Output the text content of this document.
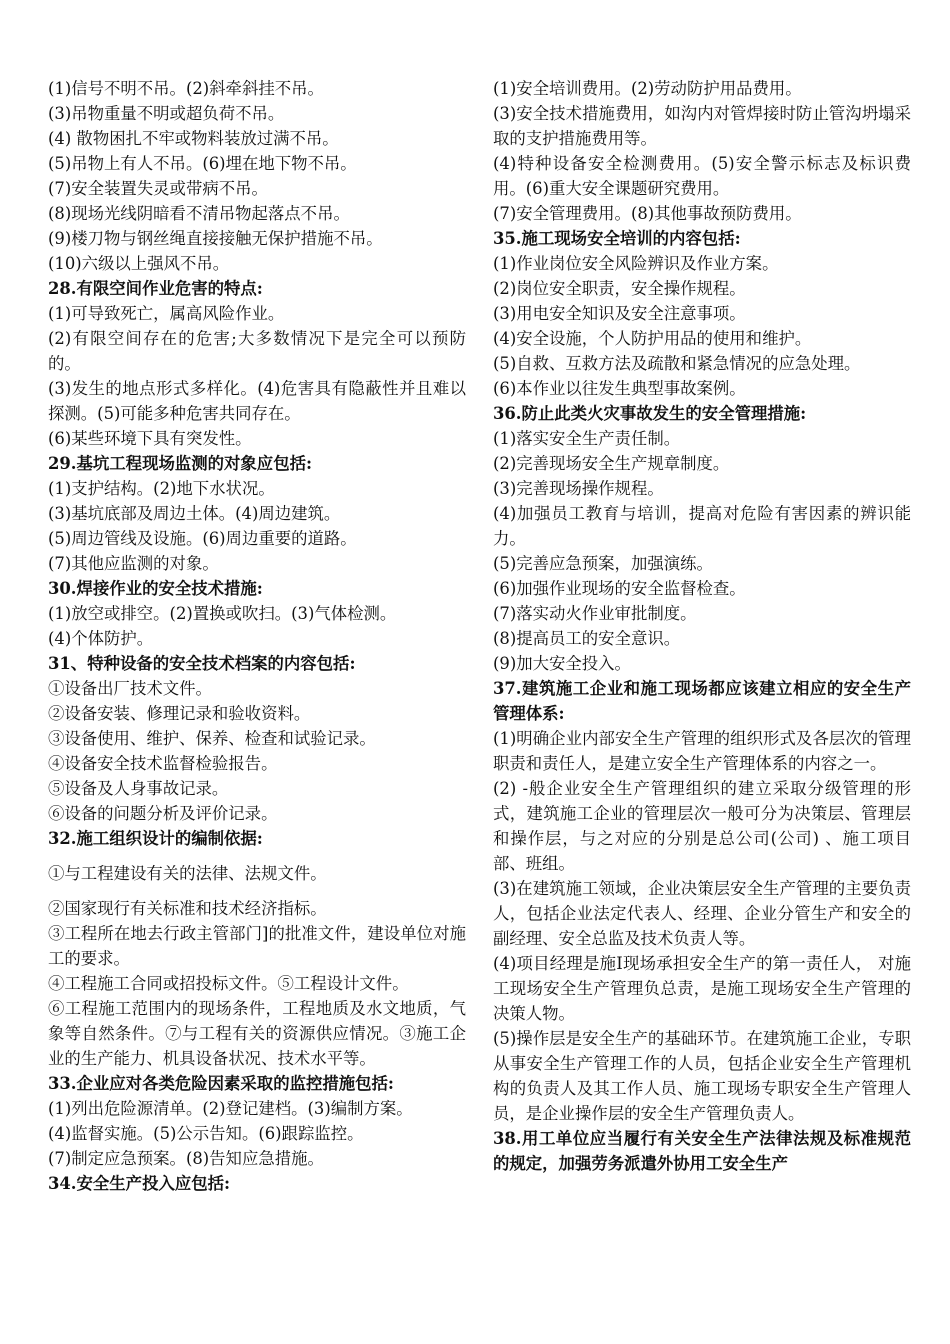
(1)信号不明不吊。(2)斜牵斜挂不吊。

(3)吊物重量不明或超负荷不吊。

(4) 散物困扎不牢或物料装放过满不吊。

(5)吊物上有人不吊。(6)埋在地下物不吊。

(7)安全装置失灵或带病不吊。

(8)现场光线阴暗看不清吊物起落点不吊。

(9)楼刀物与钢丝绳直接接触无保护措施不吊。

(10)六级以上强风不吊。

28.有限空间作业危害的特点:

(1)可导致死亡，属高风险作业。

(2)有限空间存在的危害;大多数情况下是完全可以预防的。

(3)发生的地点形式多样化。(4)危害具有隐蔽性并且难以探测。(5)可能多种危害共同存在。

(6)某些环境下具有突发性。

29.基坑工程现场监测的对象应包括:

(1)支护结构。(2)地下水状况。

(3)基坑底部及周边土体。(4)周边建筑。

(5)周边管线及设施。(6)周边重要的道路。

(7)其他应监测的对象。

30.焊接作业的安全技术措施:

(1)放空或排空。(2)置换或吹扫。(3)气体检测。

(4)个体防护。

31、特种设备的安全技术档案的内容包括:

①设备出厂技术文件。

②设备安装、修理记录和验收资料。

③设备使用、维护、保养、检查和试验记录。

④设备安全技术监督检验报告。

⑤设备及人身事故记录。

⑥设备的问题分析及评价记录。

32.施工组织设计的编制依据:

①与工程建设有关的法律、法规文件。

②国家现行有关标准和技术经济指标。

③工程所在地去行政主管部门]的批准文件，建设单位对施工的要求。

④工程施工合同或招投标文件。⑤工程设计文件。

⑥工程施工范围内的现场条件，工程地质及水文地质，气象等自然条件。⑦与工程有关的资源供应情况。③施工企业的生产能力、机具设备状况、技术水平等。

33.企业应对各类危险因素采取的监控措施包括:

(1)列出危险源清单。(2)登记建档。(3)编制方案。

(4)监督实施。(5)公示告知。(6)跟踪监控。

(7)制定应急预案。(8)告知应急措施。

34.安全生产投入应包括:

(1)安全培训费用。(2)劳动防护用品费用。

(3)安全技术措施费用，如沟内对管焊接时防止管沟坍塌采取的支护措施费用等。

(4)特种设备安全检测费用。(5)安全警示标志及标识费用。(6)重大安全课题研究费用。

(7)安全管理费用。(8)其他事故预防费用。

35.施工现场安全培训的内容包括:

(1)作业岗位安全风险辨识及作业方案。

(2)岗位安全职责，安全操作规程。

(3)用电安全知识及安全注意事项。

(4)安全设施，个人防护用品的使用和维护。

(5)自救、互救方法及疏散和紧急情况的应急处理。

(6)本作业以往发生典型事故案例。

36.防止此类火灾事故发生的安全管理措施:

(1)落实安全生产责任制。

(2)完善现场安全生产规章制度。

(3)完善现场操作规程。

(4)加强员工教育与培训，提高对危险有害因素的辨识能力。

(5)完善应急预案，加强演练。

(6)加强作业现场的安全监督检查。

(7)落实动火作业审批制度。

(8)提高员工的安全意识。

(9)加大安全投入。

37.建筑施工企业和施工现场都应该建立相应的安全生产管理体系:

(1)明确企业内部安全生产管理的组织形式及各层次的管理职责和责任人，是建立安全生产管理体系的内容之一。

(2) -般企业安全生产管理组织的建立采取分级管理的形式，建筑施工企业的管理层次一般可分为决策层、管理层和操作层，与之对应的分别是总公司(公司) 、施工项目部、班组。

(3)在建筑施工领域，企业决策层安全生产管理的主要负责人，包括企业法定代表人、经理、企业分管生产和安全的副经理、安全总监及技术负责人等。

(4)项目经理是施I现场承担安全生产的第一责任人， 对施工现场安全生产管理负总责，是施工现场安全生产管理的决策人物。

(5)操作层是安全生产的基础环节。在建筑施工企业，专职从事安全生产管理工作的人员，包括企业安全生产管理机构的负责人及其工作人员、施工现场专职安全生产管理人员，是企业操作层的安全生产管理负责人。

38.用工单位应当履行有关安全生产法律法规及标准规范的规定，加强劳务派遣外协用工安全生产
